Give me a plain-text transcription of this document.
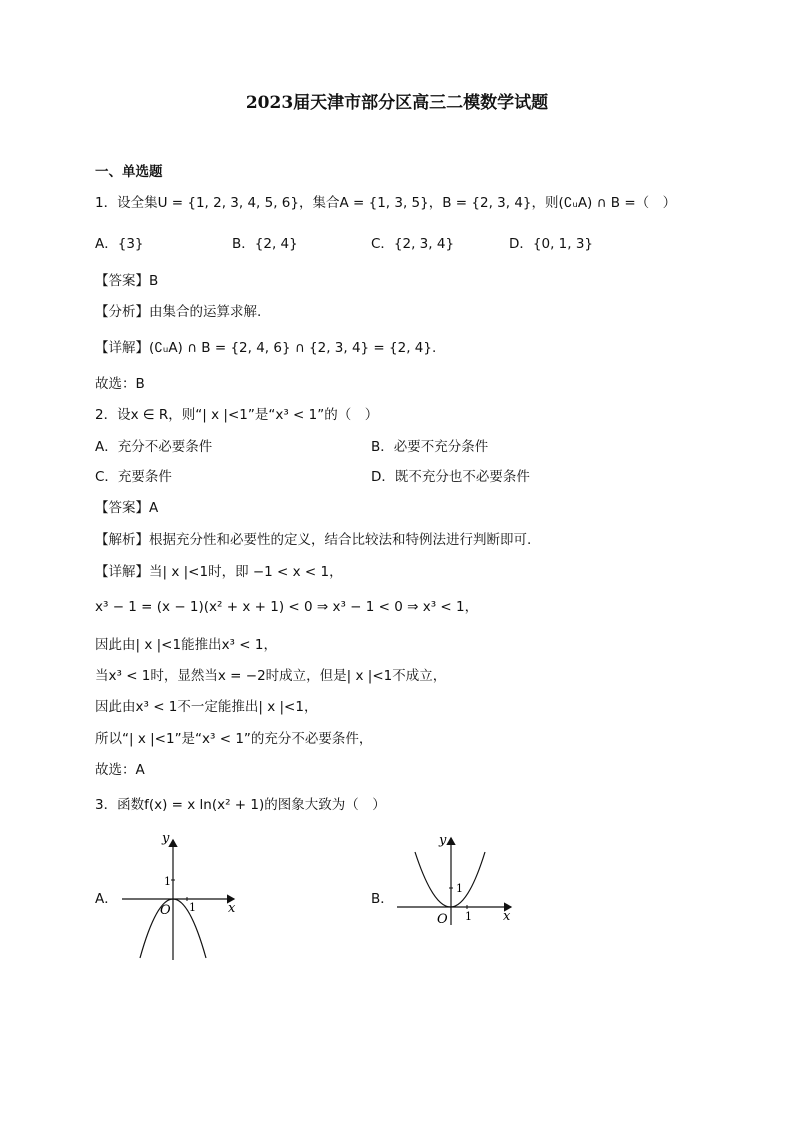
2023届天津市部分区高三二模数学试题
一、单选题
1．设全集U = {1, 2, 3, 4, 5, 6}，集合A = {1, 3, 5}，B = {2, 3, 4}，则(∁ᵤA) ∩ B =（　）
A．{3}	B．{2, 4}	C．{2, 3, 4}	D．{0, 1, 3}
【答案】B
【分析】由集合的运算求解.
【详解】(∁ᵤA) ∩ B = {2, 4, 6} ∩ {2, 3, 4} = {2, 4}.
故选：B
2．设x ∈ R，则“| x |<1”是“x³ < 1”的（　）
A．充分不必要条件	B．必要不充分条件
C．充要条件	D．既不充分也不必要条件
【答案】A
【解析】根据充分性和必要性的定义，结合比较法和特例法进行判断即可.
【详解】当| x |<1时，即 −1 < x < 1，
x³ − 1 = (x − 1)(x² + x + 1) < 0 ⇒ x³ − 1 < 0 ⇒ x³ < 1，
因此由| x |<1能推出x³ < 1，
当x³ < 1时，显然当x = −2时成立，但是| x |<1不成立，
因此由x³ < 1不一定能推出| x |<1，
所以“| x |<1”是“x³ < 1”的充分不必要条件，
故选：A
3．函数f(x) = x ln(x² + 1)的图象大致为（　）
A．
y
x
O
1
1
B．
y
x
O
1
1
